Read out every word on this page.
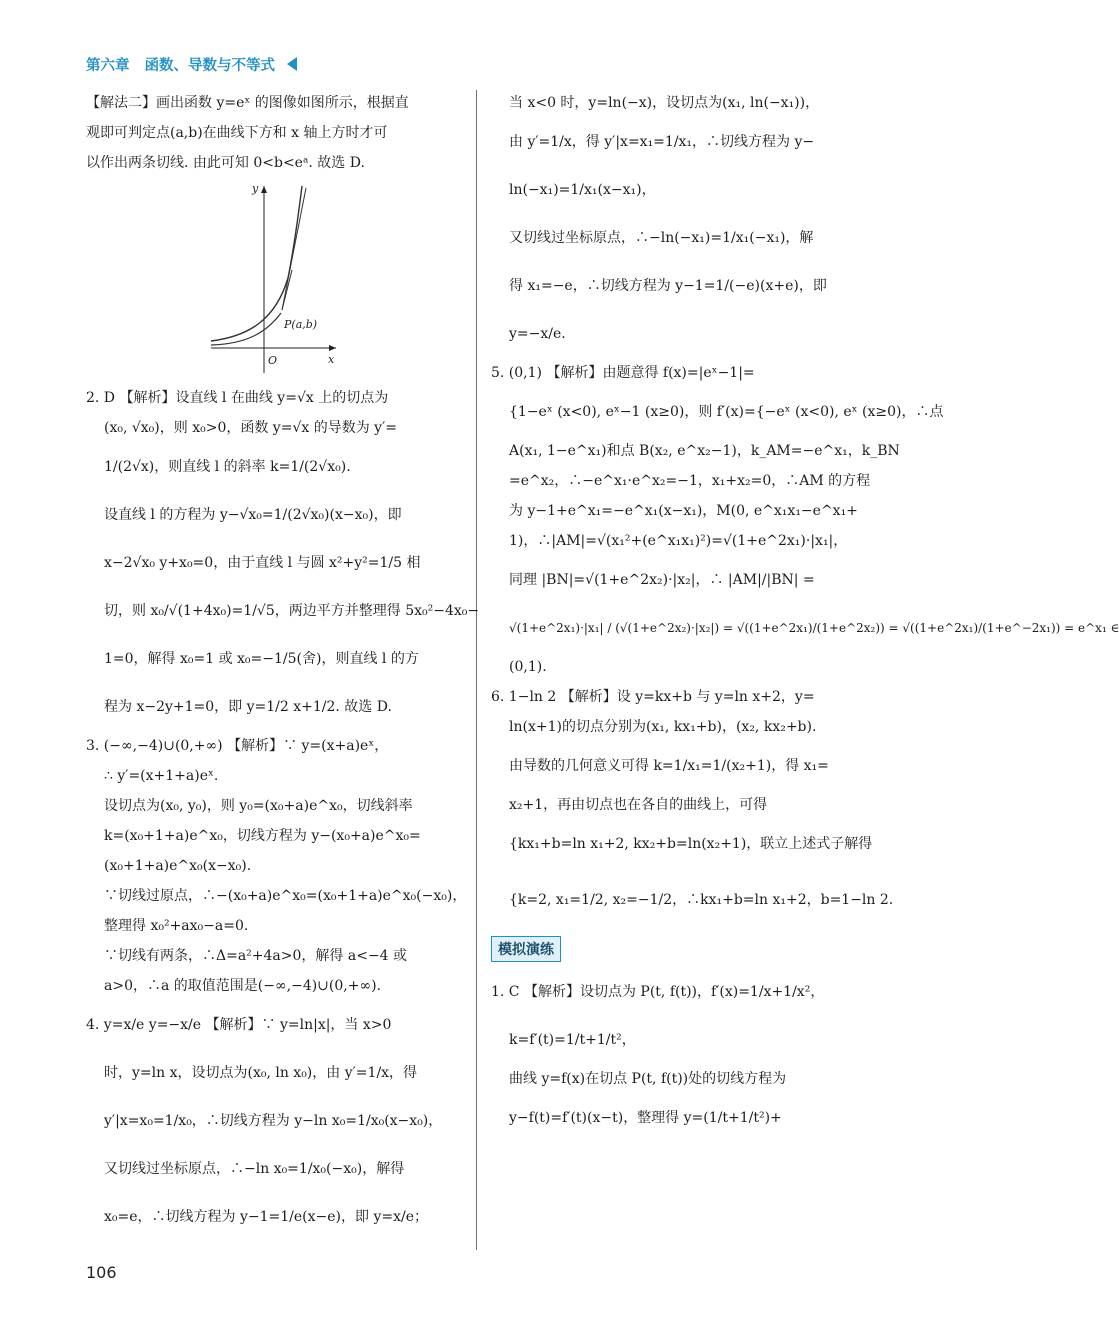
第六章 函数、导数与不等式
【解法二】画出函数 y=eˣ 的图像如图所示，根据直
观即可判定点(a,b)在曲线下方和 x 轴上方时才可
以作出两条切线. 由此可知 0<b<eᵃ. 故选 D.
y
x
O
P(a,b)
2. D 【解析】设直线 l 在曲线 y=√x 上的切点为
(x₀, √x₀)，则 x₀>0，函数 y=√x 的导数为 y′=
1/(2√x)，则直线 l 的斜率 k=1/(2√x₀).
设直线 l 的方程为 y−√x₀=1/(2√x₀)(x−x₀)，即
x−2√x₀ y+x₀=0，由于直线 l 与圆 x²+y²=1/5 相
切，则 x₀/√(1+4x₀)=1/√5，两边平方并整理得 5x₀²−4x₀−
1=0，解得 x₀=1 或 x₀=−1/5(舍)，则直线 l 的方
程为 x−2y+1=0，即 y=1/2 x+1/2. 故选 D.
3. (−∞,−4)∪(0,+∞) 【解析】∵ y=(x+a)eˣ，
∴ y′=(x+1+a)eˣ.
设切点为(x₀, y₀)，则 y₀=(x₀+a)e^x₀，切线斜率
k=(x₀+1+a)e^x₀，切线方程为 y−(x₀+a)e^x₀=
(x₀+1+a)e^x₀(x−x₀).
∵切线过原点，∴−(x₀+a)e^x₀=(x₀+1+a)e^x₀(−x₀)，
整理得 x₀²+ax₀−a=0.
∵切线有两条，∴Δ=a²+4a>0，解得 a<−4 或
a>0，∴a 的取值范围是(−∞,−4)∪(0,+∞).
4. y=x/e y=−x/e 【解析】∵ y=ln|x|，当 x>0
时，y=ln x，设切点为(x₀, ln x₀)，由 y′=1/x，得
y′|x=x₀=1/x₀，∴切线方程为 y−ln x₀=1/x₀(x−x₀)，
又切线过坐标原点，∴−ln x₀=1/x₀(−x₀)，解得
x₀=e，∴切线方程为 y−1=1/e(x−e)，即 y=x/e；
当 x<0 时，y=ln(−x)，设切点为(x₁, ln(−x₁))，
由 y′=1/x，得 y′|x=x₁=1/x₁，∴切线方程为 y−
ln(−x₁)=1/x₁(x−x₁)，
又切线过坐标原点，∴−ln(−x₁)=1/x₁(−x₁)，解
得 x₁=−e，∴切线方程为 y−1=1/(−e)(x+e)，即
y=−x/e.
5. (0,1) 【解析】由题意得 f(x)=|eˣ−1|=
{1−eˣ (x<0), eˣ−1 (x≥0)，则 f′(x)={−eˣ (x<0), eˣ (x≥0)，∴点
A(x₁, 1−e^x₁)和点 B(x₂, e^x₂−1)，k_AM=−e^x₁，k_BN
=e^x₂，∴−e^x₁·e^x₂=−1，x₁+x₂=0，∴AM 的方程
为 y−1+e^x₁=−e^x₁(x−x₁)，M(0, e^x₁x₁−e^x₁+
1)，∴|AM|=√(x₁²+(e^x₁x₁)²)=√(1+e^2x₁)·|x₁|，
同理 |BN|=√(1+e^2x₂)·|x₂|，∴ |AM|/|BN| =
√(1+e^2x₁)·|x₁| / (√(1+e^2x₂)·|x₂|) = √((1+e^2x₁)/(1+e^2x₂)) = √((1+e^2x₁)/(1+e^−2x₁)) = e^x₁ ∈
(0,1).
6. 1−ln 2 【解析】设 y=kx+b 与 y=ln x+2，y=
ln(x+1)的切点分别为(x₁, kx₁+b)，(x₂, kx₂+b).
由导数的几何意义可得 k=1/x₁=1/(x₂+1)，得 x₁=
x₂+1，再由切点也在各自的曲线上，可得
{kx₁+b=ln x₁+2, kx₂+b=ln(x₂+1)，联立上述式子解得
{k=2, x₁=1/2, x₂=−1/2，∴kx₁+b=ln x₁+2，b=1−ln 2.
模拟演练
1. C 【解析】设切点为 P(t, f(t))，f′(x)=1/x+1/x²，
k=f′(t)=1/t+1/t²，
曲线 y=f(x)在切点 P(t, f(t))处的切线方程为
y−f(t)=f′(t)(x−t)，整理得 y=(1/t+1/t²)+
106
